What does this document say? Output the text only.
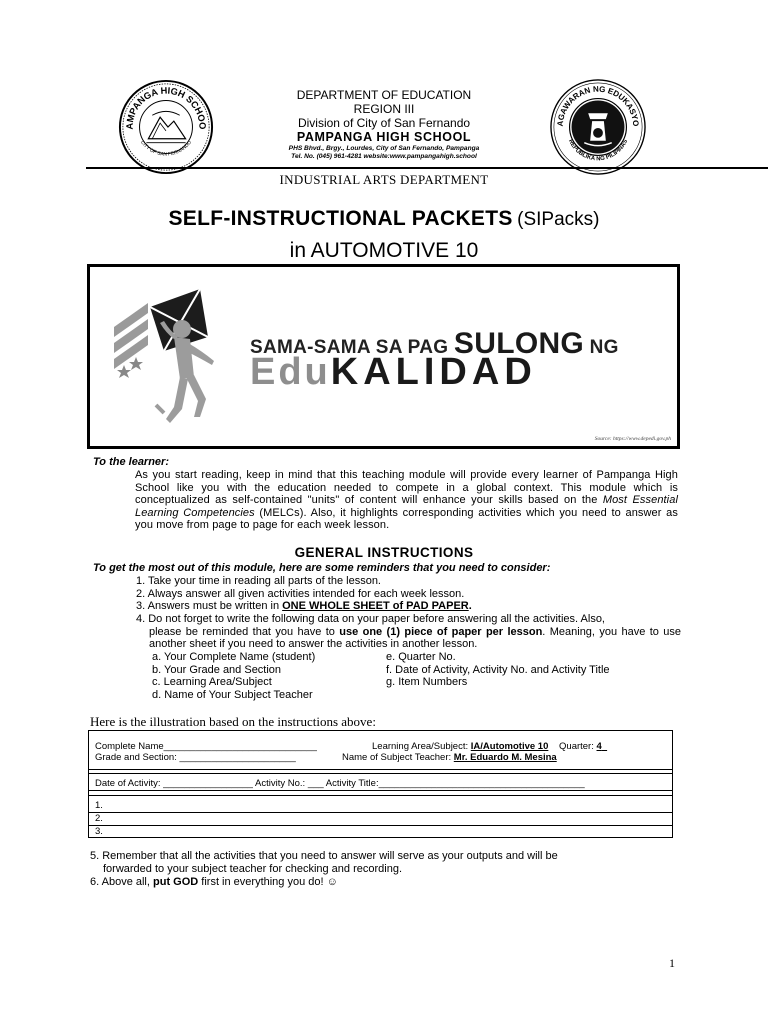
AMPANGA HIGH SCHOO
CITY OF SAN FERNANDO
DEPARTMENT OF EDUCATION
REGION III
Division of City of San Fernando
PAMPANGA HIGH SCHOOL
PHS Bhvd., Brgy., Lourdes, City of San Fernando, Pampanga
Tel. No. (045) 961-4281 website:www.pampangahigh.school
AGAWARAN NG EDUKASYO
REPUBLIKA NG PILIPINAS
INDUSTRIAL ARTS DEPARTMENT
SELF-INSTRUCTIONAL PACKETS (SIPacks)
in AUTOMOTIVE 10
SAMA-SAMA SA PAG SULONG NG
EduKALIDAD
Source: https://www.depedi.gov.ph
To the learner:
As you start reading, keep in mind that this teaching module will provide every learner of Pampanga High School like you with the education needed to compete in a global context. This module which is conceptualized as self-contained "units" of content will enhance your skills based on the Most Essential Learning Competencies (MELCs). Also, it highlights corresponding activities which you need to answer as you move from page to page for each week lesson.
GENERAL INSTRUCTIONS
To get the most out of this module, here are some reminders that you need to consider:
1. Take your time in reading all parts of the lesson.
2. Always answer all given activities intended for each week lesson.
3. Answers must be written in ONE WHOLE SHEET of PAD PAPER.
4. Do not forget to write the following data on your paper before answering all the activities. Also,
please be reminded that you have to use one (1) piece of paper per lesson. Meaning, you have to use another sheet if you need to answer the activities in another lesson.
a. Your Complete Name (student)
b. Your Grade and Section
c. Learning Area/Subject
d. Name of Your Subject Teacher
e. Quarter No.
f. Date of Activity, Activity No. and Activity Title
g. Item Numbers
Here is the illustration based on the instructions above:
Complete Name_____________________________	Learning Area/Subject: IA/Automotive 10 Quarter: 4
Grade and Section: ______________________	Name of Subject Teacher: Mr. Eduardo M. Mesina
Date of Activity: _________________ Activity No.: ___ Activity Title:_______________________________________
1.
2.
3.
5. Remember that all the activities that you need to answer will serve as your outputs and will be
forwarded to your subject teacher for checking and recording.
6. Above all, put GOD first in everything you do! ☺
1
